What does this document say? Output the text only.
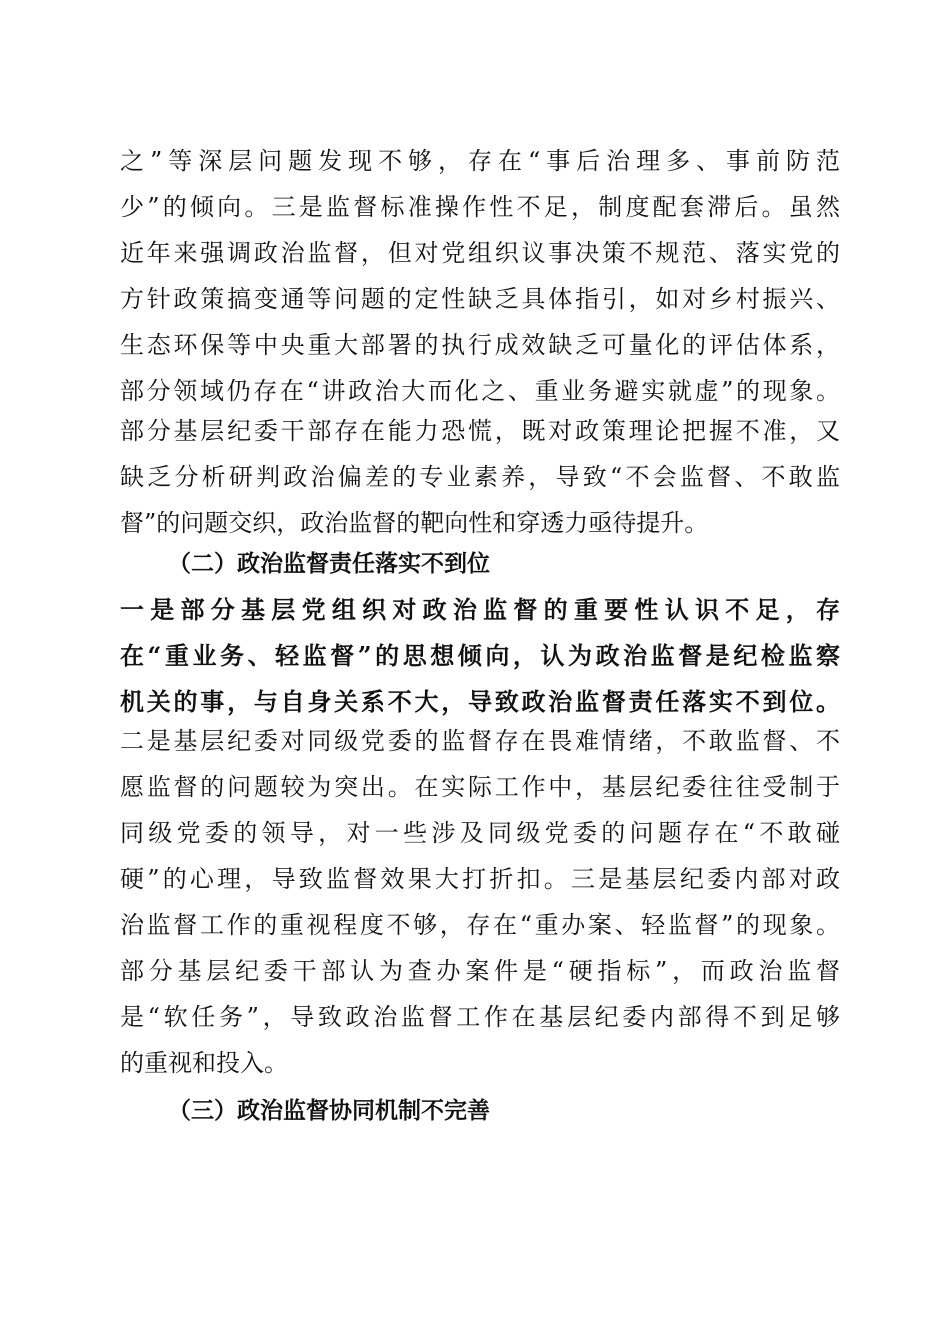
之”等深层问题发现不够，存在“事后治理多、事前防范
少”的倾向。三是监督标准操作性不足，制度配套滞后。虽然
近年来强调政治监督，但对党组织议事决策不规范、落实党的
方针政策搞变通等问题的定性缺乏具体指引，如对乡村振兴、
生态环保等中央重大部署的执行成效缺乏可量化的评估体系，
部分领域仍存在“讲政治大而化之、重业务避实就虚”的现象。
部分基层纪委干部存在能力恐慌，既对政策理论把握不准，又
缺乏分析研判政治偏差的专业素养，导致“不会监督、不敢监
督”的问题交织，政治监督的靶向性和穿透力亟待提升。
（二）政治监督责任落实不到位
一是部分基层党组织对政治监督的重要性认识不足，存
在“重业务、轻监督”的思想倾向，认为政治监督是纪检监察
机关的事，与自身关系不大，导致政治监督责任落实不到位。
二是基层纪委对同级党委的监督存在畏难情绪，不敢监督、不
愿监督的问题较为突出。在实际工作中，基层纪委往往受制于
同级党委的领导，对一些涉及同级党委的问题存在“不敢碰
硬”的心理，导致监督效果大打折扣。三是基层纪委内部对政
治监督工作的重视程度不够，存在“重办案、轻监督”的现象。
部分基层纪委干部认为查办案件是“硬指标”，而政治监督
是“软任务”，导致政治监督工作在基层纪委内部得不到足够
的重视和投入。
（三）政治监督协同机制不完善
